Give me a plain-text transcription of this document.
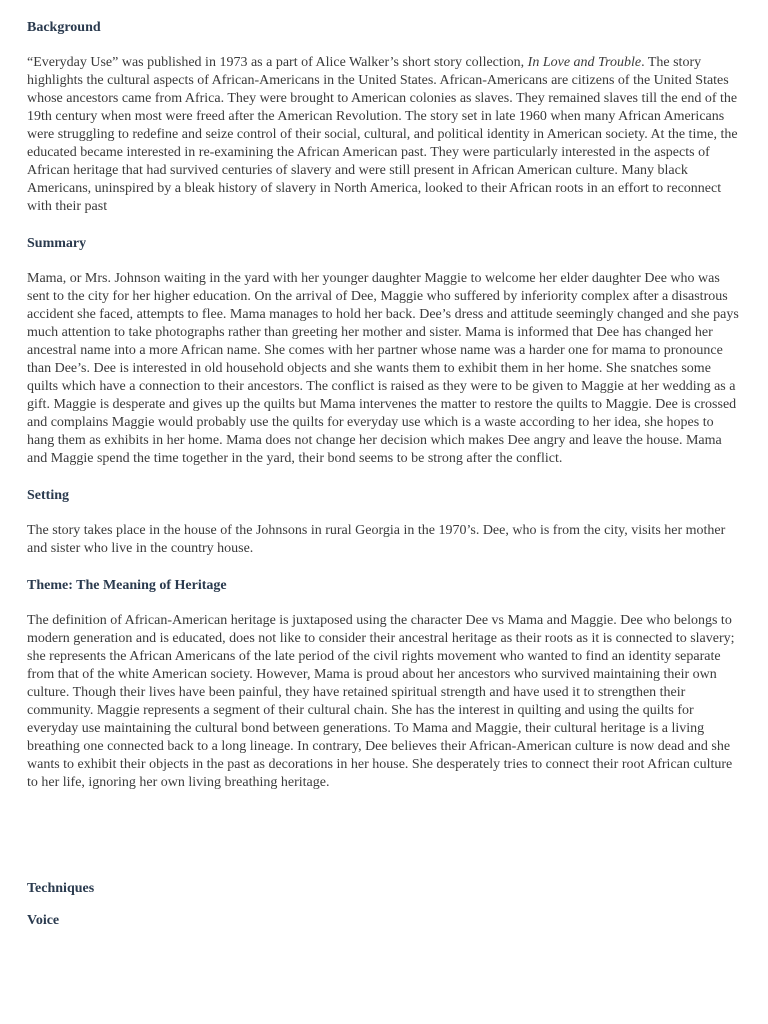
Background

“Everyday Use” was published in 1973 as a part of Alice Walker’s short story collection, In Love and Trouble. The story highlights the cultural aspects of African-Americans in the United States. African-Americans are citizens of the United States whose ancestors came from Africa. They were brought to American colonies as slaves. They remained slaves till the end of the 19th century when most were freed after the American Revolution. The story set in late 1960 when many African Americans were struggling to redefine and seize control of their social, cultural, and political identity in American society. At the time, the educated became interested in re-examining the African American past. They were particularly interested in the aspects of African heritage that had survived centuries of slavery and were still present in African American culture. Many black Americans, uninspired by a bleak history of slavery in North America, looked to their African roots in an effort to reconnect with their past

Summary

Mama, or Mrs. Johnson waiting in the yard with her younger daughter Maggie to welcome her elder daughter Dee who was sent to the city for her higher education. On the arrival of Dee, Maggie who suffered by inferiority complex after a disastrous accident she faced, attempts to flee. Mama manages to hold her back. Dee’s dress and attitude seemingly changed and she pays much attention to take photographs rather than greeting her mother and sister. Mama is informed that Dee has changed her ancestral name into a more African name. She comes with her partner whose name was a harder one for mama to pronounce than Dee’s. Dee is interested in old household objects and she wants them to exhibit them in her home. She snatches some quilts which have a connection to their ancestors. The conflict is raised as they were to be given to Maggie at her wedding as a gift. Maggie is desperate and gives up the quilts but Mama intervenes the matter to restore the quilts to Maggie. Dee is crossed and complains Maggie would probably use the quilts for everyday use which is a waste according to her idea, she hopes to hang them as exhibits in her home. Mama does not change her decision which makes Dee angry and leave the house. Mama and Maggie spend the time together in the yard, their bond seems to be strong after the conflict.

Setting

The story takes place in the house of the Johnsons in rural Georgia in the 1970’s. Dee, who is from the city, visits her mother and sister who live in the country house.

Theme: The Meaning of Heritage

The definition of African-American heritage is juxtaposed using the character Dee vs Mama and Maggie. Dee who belongs to modern generation and is educated, does not like to consider their ancestral heritage as their roots as it is connected to slavery; she represents the African Americans of the late period of the civil rights movement who wanted to find an identity separate from that of the white American society. However, Mama is proud about her ancestors who survived maintaining their own culture. Though their lives have been painful, they have retained spiritual strength and have used it to strengthen their community. Maggie represents a segment of their cultural chain. She has the interest in quilting and using the quilts for everyday use maintaining the cultural bond between generations. To Mama and Maggie, their cultural heritage is a living breathing one connected back to a long lineage. In contrary, Dee believes their African-American culture is now dead and she wants to exhibit their objects in the past as decorations in her house. She desperately tries to connect their root African culture to her life, ignoring her own living breathing heritage.

Techniques
Voice
